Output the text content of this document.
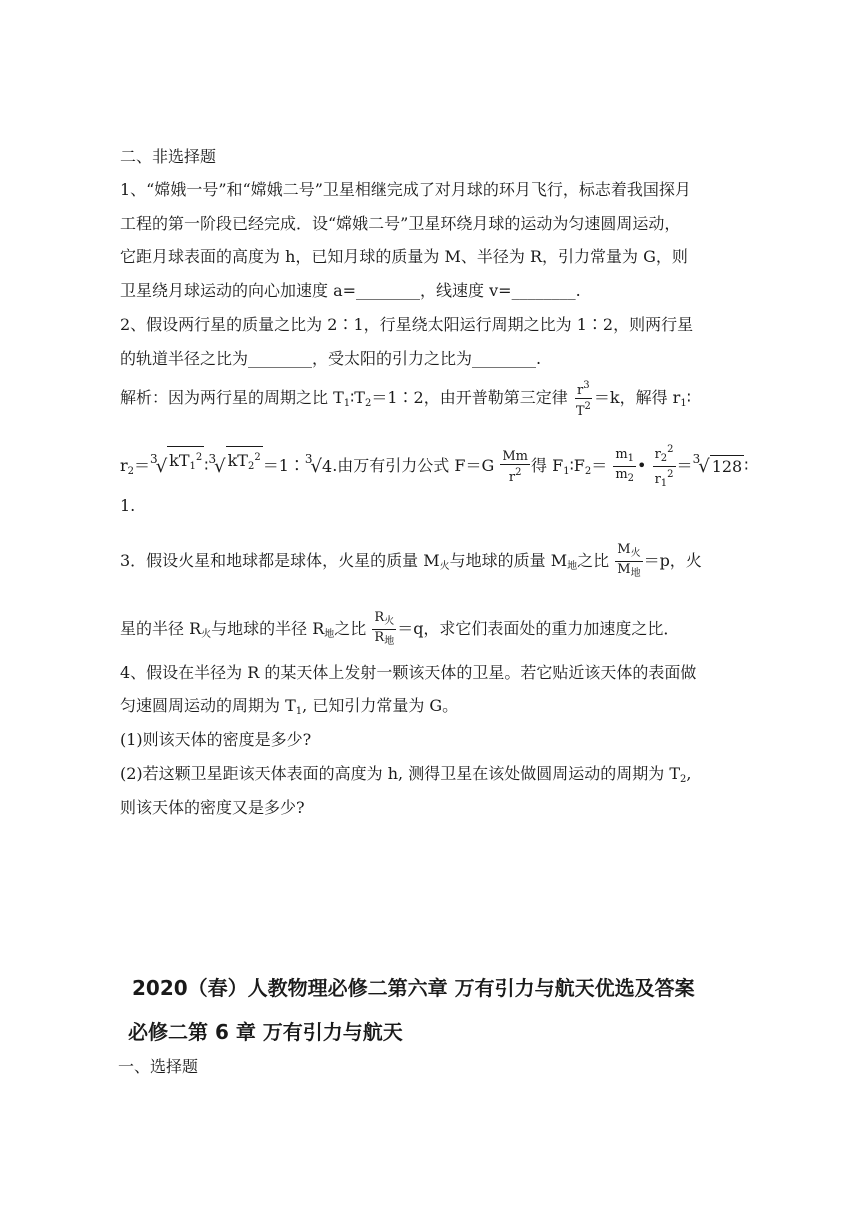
二、非选择题
1、“嫦娥一号”和“嫦娥二号”卫星相继完成了对月球的环月飞行，标志着我国探月
工程的第一阶段已经完成．设“嫦娥二号”卫星环绕月球的运动为匀速圆周运动，
它距月球表面的高度为 h，已知月球的质量为 M、半径为 R，引力常量为 G，则
卫星绕月球运动的向心加速度 a=________，线速度 v=________.
2、假设两行星的质量之比为 2∶1，行星绕太阳运行周期之比为 1∶2，则两行星
的轨道半径之比为________，受太阳的引力之比为________.
解析：因为两行星的周期之比 $T_1∶T_2=1∶2$，由开普勒第三定律 $\frac{r^3}{T^2} =k$，解得 $r_1∶$
$r_2= 3$
√ $kT_1^2$ ∶ 3
√ $kT_2^2$ ＝1∶ 3
√ 4 .由万有引力公式 $F=G \frac{Mm}{r^2}$ 得 $F_1∶F_2= \frac{m_1}{m_2}$ • $\frac{r_2^2}{r_1^2} = 3$
√ 128 ∶
1.
3．假设火星和地球都是球体，火星的质量 $M_火$与地球的质量 $M_地$之比 $\frac{M_火}{M_地} =p$，火
星的半径 $R_火$与地球的半径 $R_地$之比 $\frac{R_火}{R_地} =q$，求它们表面处的重力加速度之比．
4、假设在半径为 R 的某天体上发射一颗该天体的卫星。若它贴近该天体的表面做
匀速圆周运动的周期为 $T_1$, 已知引力常量为 G。
(1)则该天体的密度是多少?
(2)若这颗卫星距该天体表面的高度为 h, 测得卫星在该处做圆周运动的周期为 $T_2$,
则该天体的密度又是多少?
2020（春）人教物理必修二第六章 万有引力与航天优选及答案
必修二第 6 章 万有引力与航天
一、选择题
